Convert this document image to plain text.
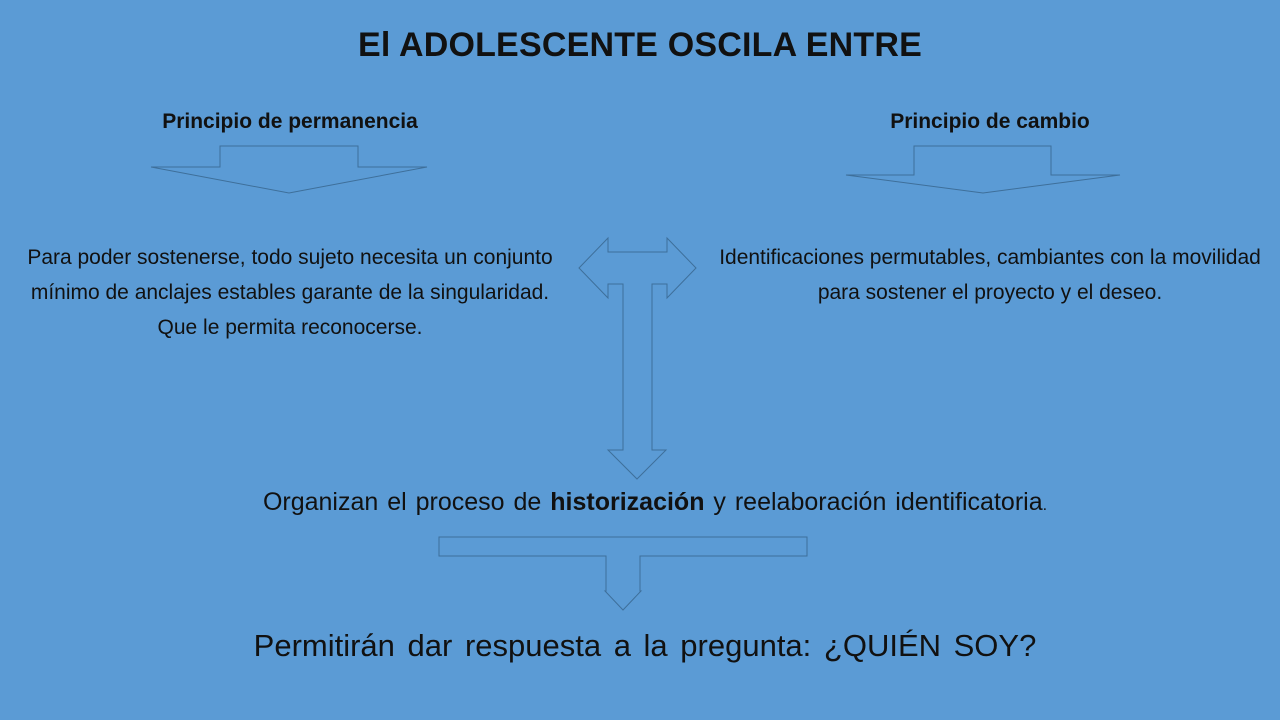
El ADOLESCENTE OSCILA ENTRE
Principio de permanencia	Principio de cambio
Para poder sostenerse, todo sujeto necesita un conjunto mínimo de anclajes estables garante de la singularidad. Que le permita reconocerse.
Identificaciones permutables, cambiantes con la movilidad para sostener el proyecto y el deseo.
Organizan el proceso de historización y reelaboración identificatoria.
Permitirán dar respuesta a la pregunta: ¿QUIÉN SOY?
